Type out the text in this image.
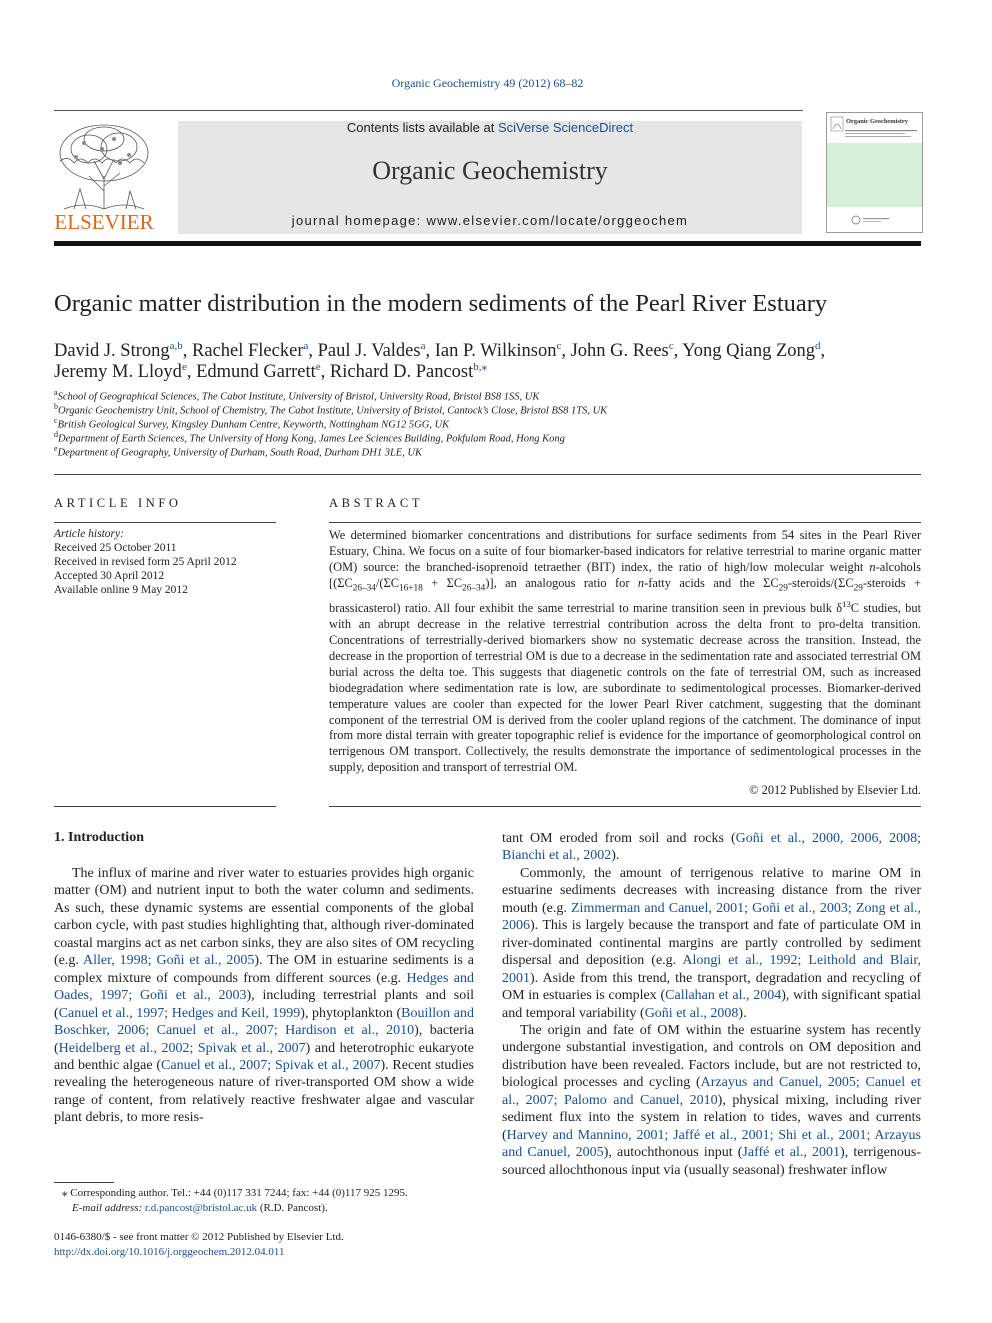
Organic Geochemistry 49 (2012) 68–82
ELSEVIER
Contents lists available at SciVerse ScienceDirect
Organic Geochemistry
journal homepage: www.elsevier.com/locate/orggeochem
Organic Geochemistry
Organic matter distribution in the modern sediments of the Pearl River Estuary
David J. Strong$^{a,b}$, Rachel Flecker$^a$, Paul J. Valdes$^a$, Ian P. Wilkinson$^c$, John G. Rees$^c$, Yong Qiang Zong$^d$,
Jeremy M. Lloyd$^e$, Edmund Garrett$^e$, Richard D. Pancost$^{b,⁎}$
$^a$School of Geographical Sciences, The Cabot Institute, University of Bristol, University Road, Bristol BS8 1SS, UK
$^b$Organic Geochemistry Unit, School of Chemistry, The Cabot Institute, University of Bristol, Cantock’s Close, Bristol BS8 1TS, UK
$^c$British Geological Survey, Kingsley Dunham Centre, Keyworth, Nottingham NG12 5GG, UK
$^d$Department of Earth Sciences, The University of Hong Kong, James Lee Sciences Building, Pokfulam Road, Hong Kong
$^e$Department of Geography, University of Durham, South Road, Durham DH1 3LE, UK
ARTICLE INFO
Article history:
Received 25 October 2011
Received in revised form 25 April 2012
Accepted 30 April 2012
Available online 9 May 2012
ABSTRACT
We determined biomarker concentrations and distributions for surface sediments from 54 sites in the Pearl River Estuary, China. We focus on a suite of four biomarker-based indicators for relative terrestrial to marine organic matter (OM) source: the branched-isoprenoid tetraether (BIT) index, the ratio of high/low molecular weight n-alcohols [$(\Sigma C_{26-34}/(\Sigma C_{16+18} + \Sigma C_{26-34})]$, an analogous ratio for n-fatty acids and the $\Sigma C_{29}-steroids/(\Sigma C_{29}$-steroids + brassicasterol) ratio. All four exhibit the same terrestrial to marine transition seen in previous bulk $\delta^{13}C$ studies, but with an abrupt decrease in the relative terrestrial contribution across the delta front to pro-delta transition. Concentrations of terrestrially-derived biomarkers show no systematic decrease across the transition. Instead, the decrease in the proportion of terrestrial OM is due to a decrease in the sedimentation rate and associated terrestrial OM burial across the delta toe. This suggests that diagenetic controls on the fate of terrestrial OM, such as increased biodegradation where sedimentation rate is low, are subordinate to sedimentological processes. Biomarker-derived temperature values are cooler than expected for the lower Pearl River catchment, suggesting that the dominant component of the terrestrial OM is derived from the cooler upland regions of the catchment. The dominance of input from more distal terrain with greater topographic relief is evidence for the importance of geomorphological control on terrigenous OM transport. Collectively, the results demonstrate the importance of sedimentological processes in the supply, deposition and transport of terrestrial OM.
© 2012 Published by Elsevier Ltd.
1. Introduction
The influx of marine and river water to estuaries provides high organic matter (OM) and nutrient input to both the water column and sediments. As such, these dynamic systems are essential components of the global carbon cycle, with past studies highlighting that, although river-dominated coastal margins act as net carbon sinks, they are also sites of OM recycling (e.g. Aller, 1998; Goñi et al., 2005). The OM in estuarine sediments is a complex mixture of compounds from different sources (e.g. Hedges and Oades, 1997; Goñi et al., 2003), including terrestrial plants and soil (Canuel et al., 1997; Hedges and Keil, 1999), phytoplankton (Bouillon and Boschker, 2006; Canuel et al., 2007; Hardison et al., 2010), bacteria (Heidelberg et al., 2002; Spivak et al., 2007) and heterotrophic eukaryote and benthic algae (Canuel et al., 2007; Spivak et al., 2007). Recent studies revealing the heterogeneous nature of river-transported OM show a wide range of content, from relatively reactive freshwater algae and vascular plant debris, to more resis-
tant OM eroded from soil and rocks (Goñi et al., 2000, 2006, 2008; Bianchi et al., 2002).
Commonly, the amount of terrigenous relative to marine OM in estuarine sediments decreases with increasing distance from the river mouth (e.g. Zimmerman and Canuel, 2001; Goñi et al., 2003; Zong et al., 2006). This is largely because the transport and fate of particulate OM in river-dominated continental margins are partly controlled by sediment dispersal and deposition (e.g. Alongi et al., 1992; Leithold and Blair, 2001). Aside from this trend, the transport, degradation and recycling of OM in estuaries is complex (Callahan et al., 2004), with significant spatial and temporal variability (Goñi et al., 2008).
The origin and fate of OM within the estuarine system has recently undergone substantial investigation, and controls on OM deposition and distribution have been revealed. Factors include, but are not restricted to, biological processes and cycling (Arzayus and Canuel, 2005; Canuel et al., 2007; Palomo and Canuel, 2010), physical mixing, including river sediment flux into the system in relation to tides, waves and currents (Harvey and Mannino, 2001; Jaffé et al., 2001; Shi et al., 2001; Arzayus and Canuel, 2005), autochthonous input (Jaffé et al., 2001), terrigenous-sourced allochthonous input via (usually seasonal) freshwater inflow
⁎ Corresponding author. Tel.: +44 (0)117 331 7244; fax: +44 (0)117 925 1295.
E-mail address: r.d.pancost@bristol.ac.uk (R.D. Pancost).
0146-6380/$ - see front matter © 2012 Published by Elsevier Ltd.
http://dx.doi.org/10.1016/j.orggeochem.2012.04.011
